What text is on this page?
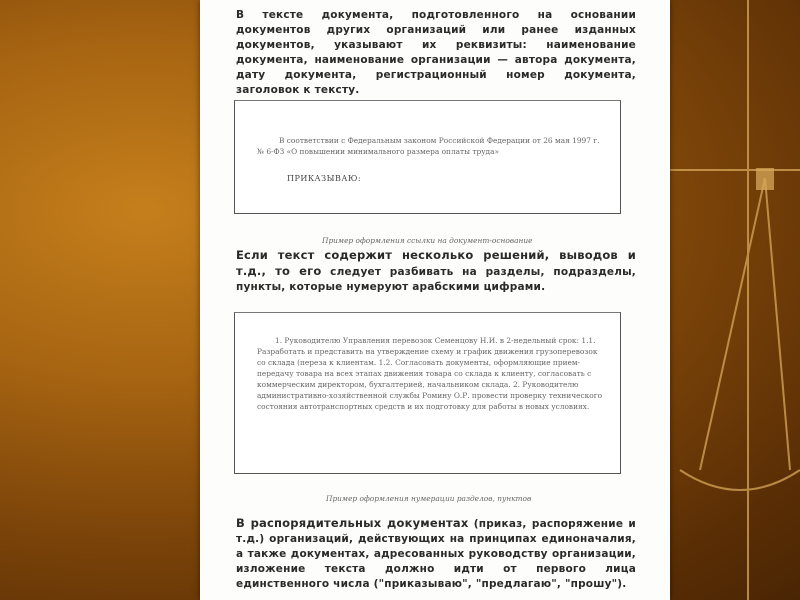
В тексте документа, подготовленного на основании документов других организаций или ранее изданных документов, указывают их реквизиты: наименование документа, наименование организации — автора документа, дату документа, регистрационный номер документа, заголовок к тексту.

В соответствии с Федеральным законом Российской Федерации от 26 мая 1997 г. № 6-ФЗ «О повышении минимального размера оплаты труда»

ПРИКАЗЫВАЮ:

Пример оформления ссылки на документ-основание

Если текст содержит несколько решений, выводов и т.д., то его следует разбивать на разделы, подразделы, пункты, которые нумеруют арабскими цифрами.

1. Руководителю Управления перевозок Семенцову Н.И. в 2-недельный срок: 1.1. Разработать и представить на утверждение схему и график движения грузоперевозок со склада (переза к клиентам. 1.2. Согласовать документы, оформляющие прием-передачу товара на всех этапах движения товара со склада к клиенту, согласовать с коммерческим директором, бухгалтерией, начальником склада. 2. Руководителю административно-хозяйственной службы Ромину О.Р. провести проверку технического состояния автотранспортных средств и их подготовку для работы в новых условиях.

Пример оформления нумерации разделов, пунктов

В распорядительных документах (приказ, распоряжение и т.д.) организаций, действующих на принципах единоначалия, а также документах, адресованных руководству организации, изложение текста должно идти от первого лица единственного числа ("приказываю", "предлагаю", "прошу").
